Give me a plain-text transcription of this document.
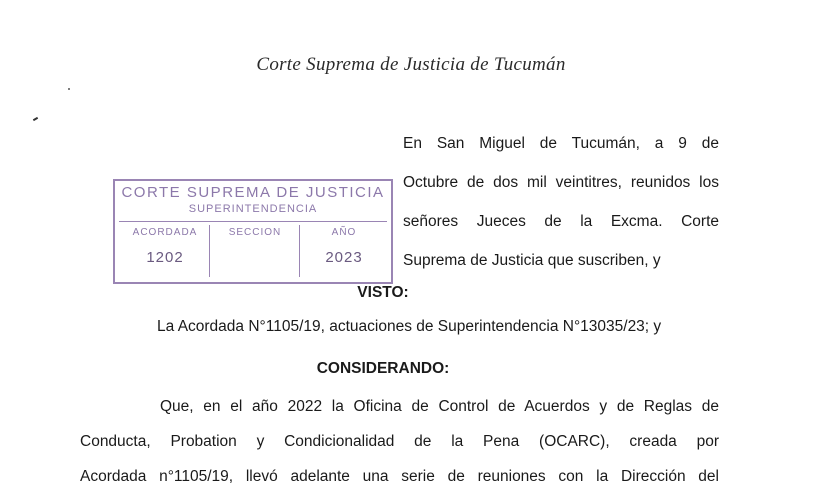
Corte Suprema de Justicia de Tucumán
En San Miguel de Tucumán, a 9 de
Octubre de dos mil veintitres, reunidos los
señores Jueces de la Excma. Corte
Suprema de Justicia que suscriben, y
CORTE SUPREMA DE JUSTICIA
SUPERINTENDENCIA
ACORDADA
1202
SECCION	AÑO
2023
VISTO:
La Acordada N°1105/19, actuaciones de Superintendencia N°13035/23; y
CONSIDERANDO:
Que, en el año 2022 la Oficina de Control de Acuerdos y de Reglas de
Conducta, Probation y Condicionalidad de la Pena (OCARC), creada por
Acordada n°1105/19, llevó adelante una serie de reuniones con la Dirección del
